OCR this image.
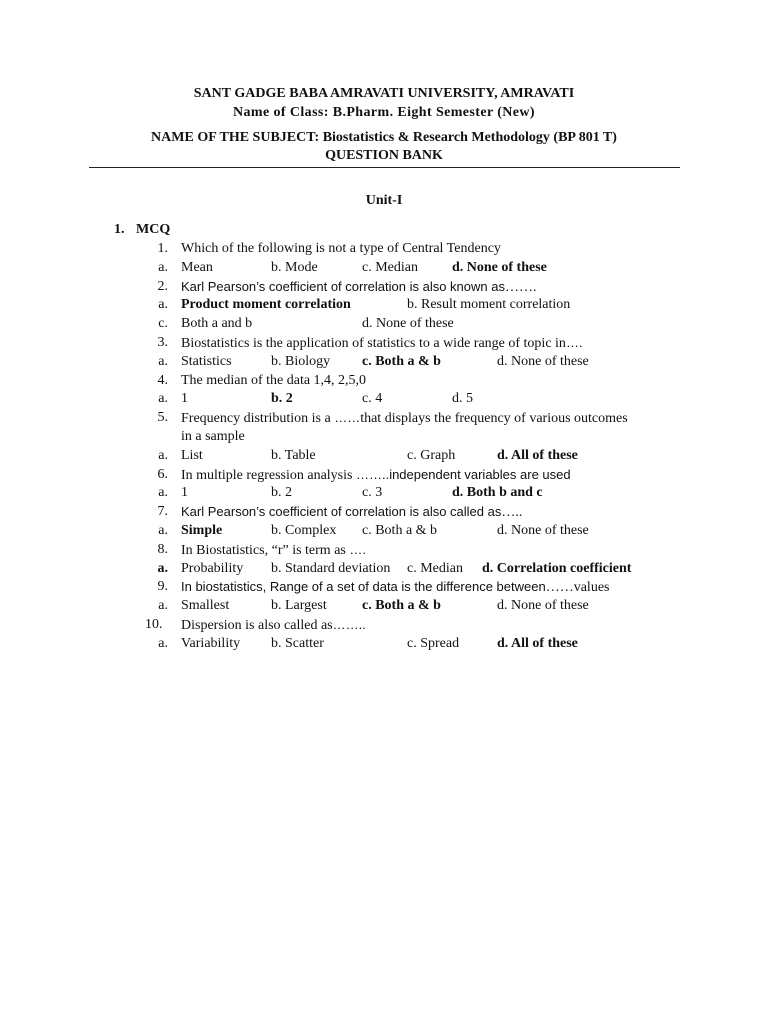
SANT GADGE BABA AMRAVATI UNIVERSITY, AMRAVATI
Name of Class: B.Pharm. Eight Semester (New)
NAME OF THE SUBJECT: Biostatistics & Research Methodology (BP 801 T)
QUESTION BANK
Unit-I
1. MCQ
1. Which of the following is not a type of Central Tendency
a. Mean	b. Mode	c. Median d. None of these
2. Karl Pearson’s coefficient of correlation is also known as…….
a. Product moment correlation	b. Result moment correlation
c. Both a and b	d. None of these
3. Biostatistics is the application of statistics to a wide range of topic in….
a. Statistics	b. Biology c. Both a & b	d. None of these
4. The median of the data 1,4, 2,5,0
a. 1	b. 2	c. 4	d. 5
5. Frequency distribution is a ……that displays the frequency of various outcomes
in a sample
a. List	b. Table	c. Graph	d. All of these
6. In multiple regression analysis ……..independent variables are used
a. 1	b. 2	c. 3	d. Both b and c
7. Karl Pearson’s coefficient of correlation is also called as…..
a. Simple	b. Complex c. Both a & b	d. None of these
8. In Biostatistics, “r” is term as ….
a. Probability b. Standard deviation c. Median d. Correlation coefficient
9. In biostatistics, Range of a set of data is the difference between……values
a. Smallest	b. Largest	c. Both a & b	d. None of these
10.	Dispersion is also called as……..
a. Variability b. Scatter	c. Spread	d. All of these
